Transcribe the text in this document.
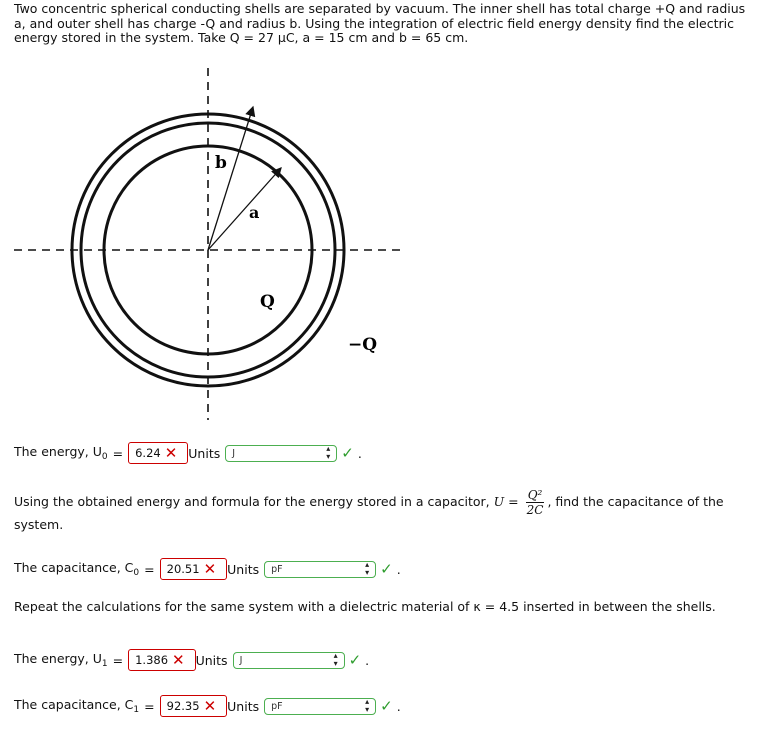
Two concentric spherical conducting shells are separated by vacuum. The inner shell has total charge +Q and radius a, and outer shell has charge -Q and radius b. Using the integration of electric field energy density find the electric energy stored in the system. Take Q = 27 μC, a = 15 cm and b = 65 cm.
b
a
Q
−Q
The energy, $U_0 = 6.24$ ✕ Units J	▴
▾ ✓ .
Using the obtained energy and formula for the energy stored in a capacitor, $U = \frac{\text{Q²}}{2C}$ , find the capacitance of the system.
The capacitance, $C_0 = 20.51$ ✕ Units pF	▴
▾ ✓ .
Repeat the calculations for the same system with a dielectric material of κ = 4.5 inserted in between the shells.
The energy, $U_1 = 1.386$ ✕ Units J	▴
▾ ✓ .
The capacitance, $C_1 = 92.35$ ✕ Units pF	▴
▾ ✓ .
